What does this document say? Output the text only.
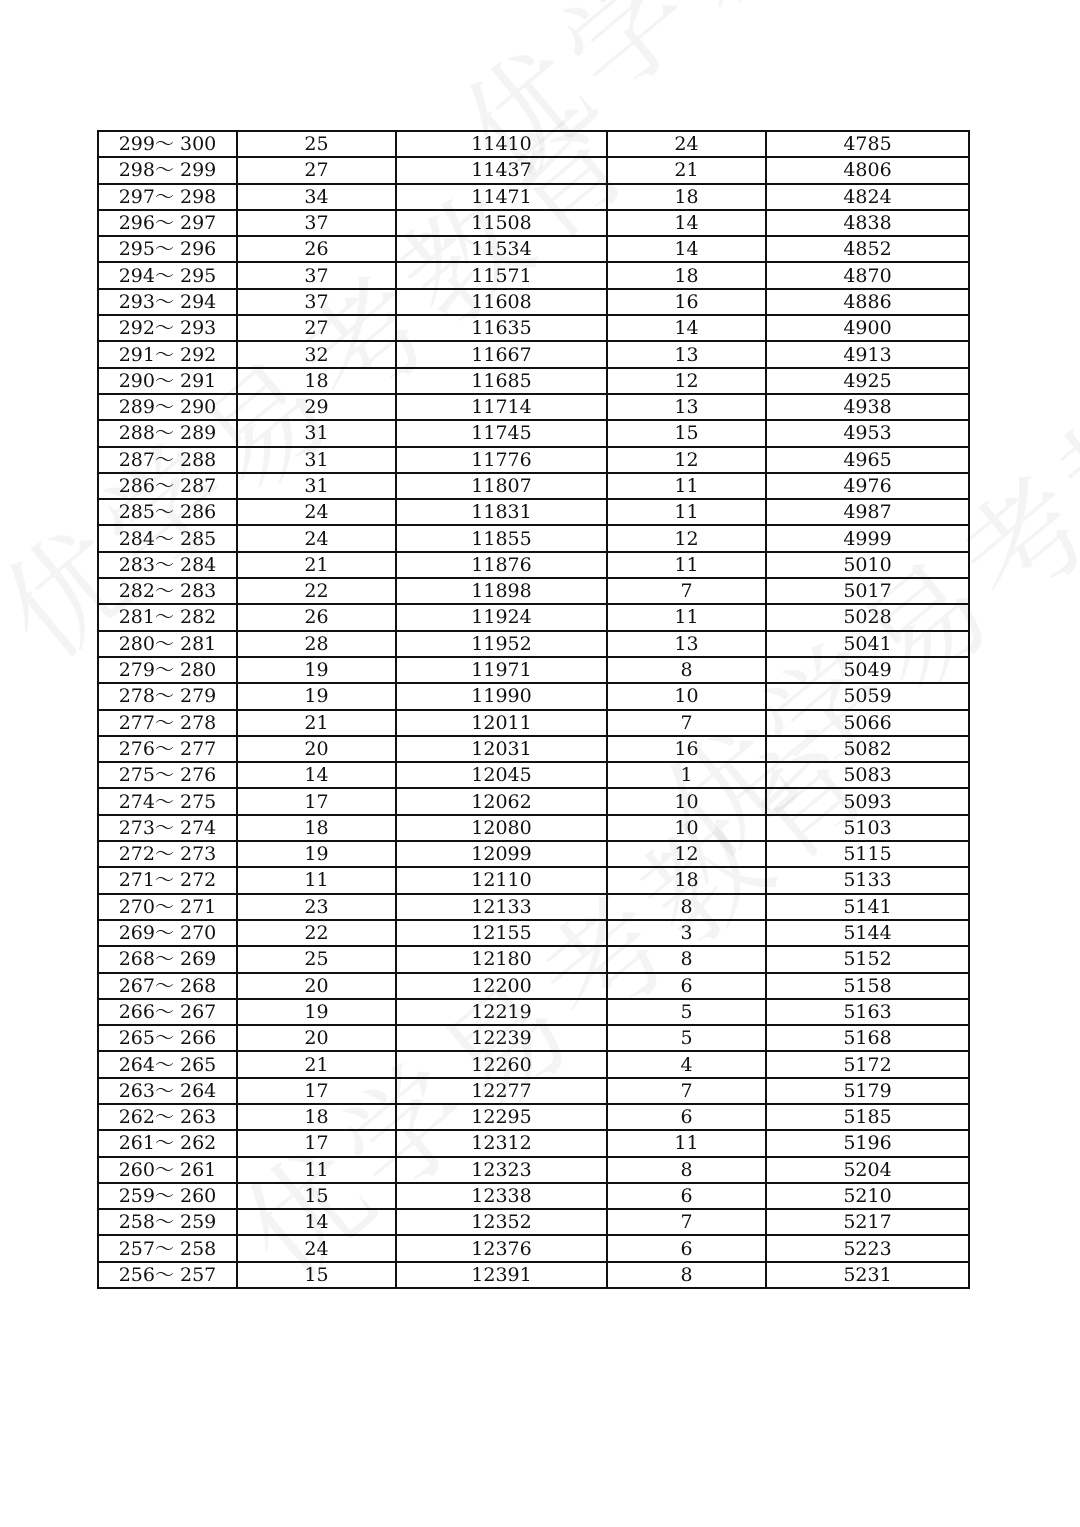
299～ 300	25	11410	24	4785
298～ 299	27	11437	21	4806
297～ 298	34	11471	18	4824
296～ 297	37	11508	14	4838
295～ 296	26	11534	14	4852
294～ 295	37	11571	18	4870
293～ 294	37	11608	16	4886
292～ 293	27	11635	14	4900
291～ 292	32	11667	13	4913
290～ 291	18	11685	12	4925
289～ 290	29	11714	13	4938
288～ 289	31	11745	15	4953
287～ 288	31	11776	12	4965
286～ 287	31	11807	11	4976
285～ 286	24	11831	11	4987
284～ 285	24	11855	12	4999
283～ 284	21	11876	11	5010
282～ 283	22	11898	7	5017
281～ 282	26	11924	11	5028
280～ 281	28	11952	13	5041
279～ 280	19	11971	8	5049
278～ 279	19	11990	10	5059
277～ 278	21	12011	7	5066
276～ 277	20	12031	16	5082
275～ 276	14	12045	1	5083
274～ 275	17	12062	10	5093
273～ 274	18	12080	10	5103
272～ 273	19	12099	12	5115
271～ 272	11	12110	18	5133
270～ 271	23	12133	8	5141
269～ 270	22	12155	3	5144
268～ 269	25	12180	8	5152
267～ 268	20	12200	6	5158
266～ 267	19	12219	5	5163
265～ 266	20	12239	5	5168
264～ 265	21	12260	4	5172
263～ 264	17	12277	7	5179
262～ 263	18	12295	6	5185
261～ 262	17	12312	11	5196
260～ 261	11	12323	8	5204
259～ 260	15	12338	6	5210
258～ 259	14	12352	7	5217
257～ 258	24	12376	6	5223
256～ 257	15	12391	8	5231
